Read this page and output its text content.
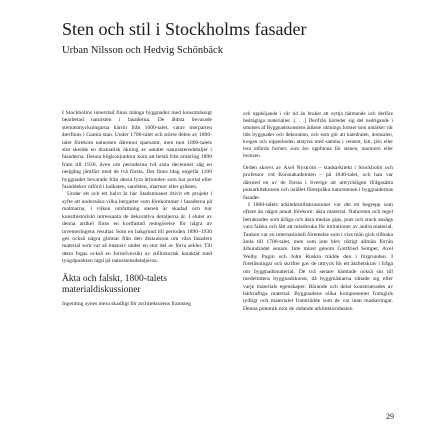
Sten och stil i Stockholms fasader
Urban Nilsson och Hedvig Schönbäck

I Stockholms innerstad finns många byggnader med konstmässigt bearbetad natursten i fasaderna. De äldsta bevarade stenutsmyckningarna härrör från 1600-talet, varav merparten återfinns i Gamla stan. Under 1700-talet och större delen av 1800-talet förekom natursten däremot sparsamt, men mot 1800-talets slut skedde en dramatisk ökning av antalet natursstensdetaljer i fasaderna. Denna högkonjunktur kom att bestå från omkring 1890 fram till 1930, även om perioderna två sista decennier såg en nedgång jämfört med de två första. Det finns idag ungefär 1100 byggnader bevarade från dessa fyra årtionden som har portal eller fasaddekor utförd i kalksten, sandsten, marmor eller gråsten.

Under ett och ett halvt år har Stadsmuseet drivit ett projekt i syfte att undersöka vilka bergarter som förekommer i fasaderna på malmarna, i vilken omfattning stenen är skadad och hur konsthistoriskt intressanta de dekorativa detaljerna är. I slutet av denna artikel finns en kortfattad redogörelse för några av inventeringens resultat. Som en bakgrund till perioden 1890–1930 ges också några glimtar från den diskussion om våra fasaders material som var så intensiv under en stor del av förra sekler. Till detta fogas också en formöversikt av stilhistorisk karaktär med tyngdpunkten lagd på naturstensdetaljerna.

Äkta och falskt, 1800-talets materialdiskussioner

Ingenting synes mera skadligt för architekturens framsteg

och upphöjande i vår tid än bruket att nyttja härmande och derföre bedrägliga materialier. [. . .] Derifrån härleder sig det nedrigande i smutsen af Byggnadskonstens ädlaste riktnings former som umärker vår tids byggnader och dekoration, och som gör att katedralen, domsalen, krogen och nipperboden utstyras med samma i cement, kitt, järn eller lera utförda former, som äro uppfunna för stenen, marmorn eller bronzen.

Orden skrevs av Axel Nyström – stadsarkitekt i Stockholm och professor vid Konstakademien – på 1840-talet, och han var därmed en av de första i Sverige att uttryckligen ifrågasätta putsarkitekturen och istället förespråka naturstenen i byggnadernas fasader.

I 1800-talets arkitekturdiskussioner var det ett begrepp som oftare än något annat förekom: äkta material. Natursten och tegel betraktades som ärliga och äkta medan gips, puts och stuck ansågs vara falska och lätt att missbruka för imitationer av andra material. Tanken var en internationell företeelse som i viss män gick tillbaka ända till 1700-talet, men som inte blev riktigt allmän förrän århundradet senare. Inte minst genom Gottfried Semper, Axel Welby Pugin och John Ruskin trädde den i förgrunden. I förelåsningar och skrifter gav de uttryck för ett äkthetskrav i fråga om byggnadsmaterial. De två senare hämtade också sin till medeltidens byggnadskonst, då byggmästarna rättade sig efter varje materials egenskaper. Bärande och delar konstruerades av bärkraftiga material. Byggnadens olika komponenter framgick tydligt och materialet framträdde som de var utan maskeringar. Denna polemik mot de rådande arkitekturidealen

29
